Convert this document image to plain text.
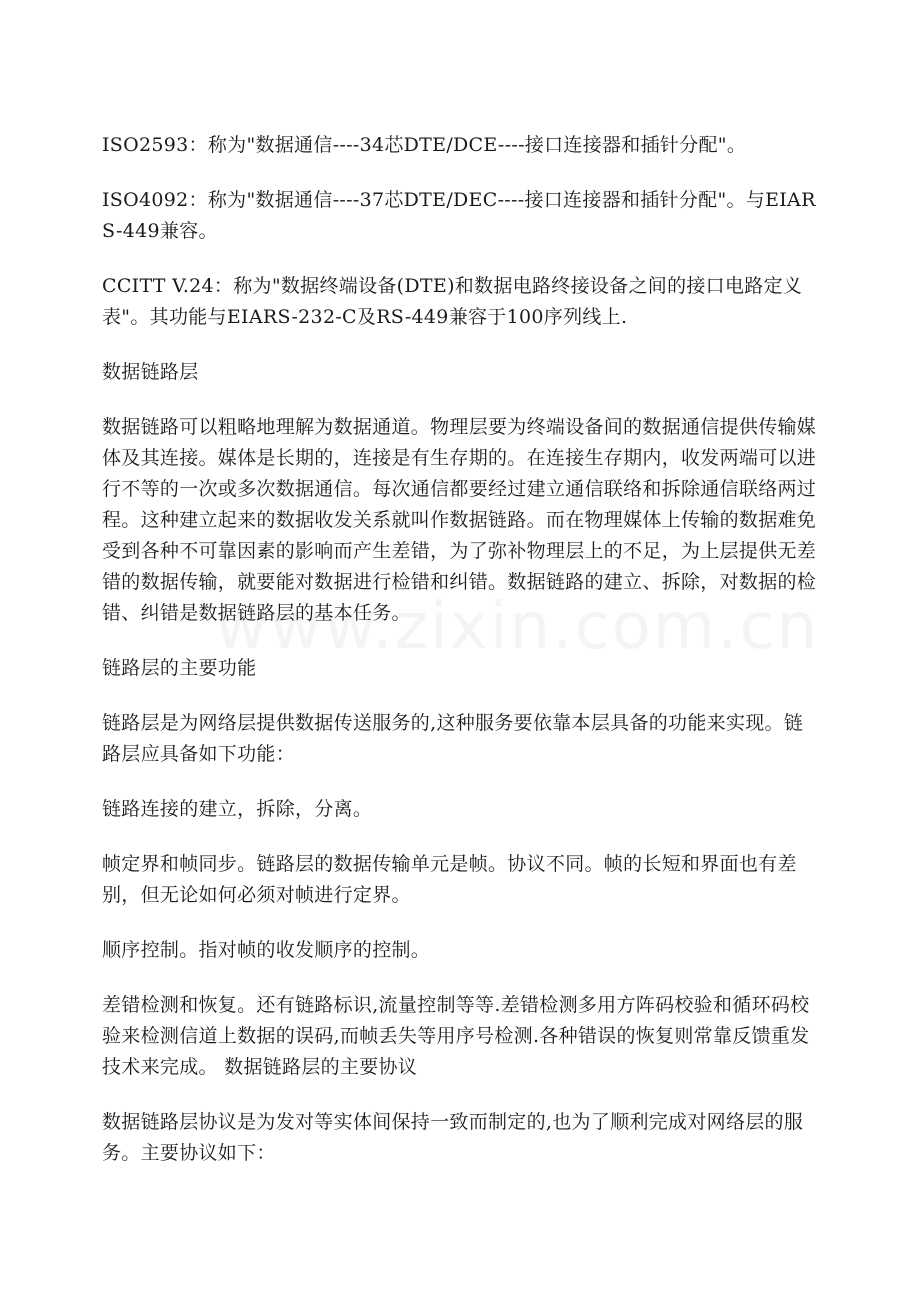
ISO2593：称为"数据通信----34芯DTE/DCE----接口连接器和插针分配"。

ISO4092：称为"数据通信----37芯DTE/DEC----接口连接器和插针分配"。与EIARS-449兼容。

CCITT V.24：称为"数据终端设备(DTE)和数据电路终接设备之间的接口电路定义表"。其功能与EIARS-232-C及RS-449兼容于100序列线上.

数据链路层

数据链路可以粗略地理解为数据通道。物理层要为终端设备间的数据通信提供传输媒体及其连接。媒体是长期的，连接是有生存期的。在连接生存期内，收发两端可以进行不等的一次或多次数据通信。每次通信都要经过建立通信联络和拆除通信联络两过程。这种建立起来的数据收发关系就叫作数据链路。而在物理媒体上传输的数据难免受到各种不可靠因素的影响而产生差错，为了弥补物理层上的不足，为上层提供无差错的数据传输，就要能对数据进行检错和纠错。数据链路的建立、拆除，对数据的检错、纠错是数据链路层的基本任务。

链路层的主要功能

链路层是为网络层提供数据传送服务的,这种服务要依靠本层具备的功能来实现。链路层应具备如下功能：

链路连接的建立，拆除，分离。

帧定界和帧同步。链路层的数据传输单元是帧。协议不同。帧的长短和界面也有差别，但无论如何必须对帧进行定界。

顺序控制。指对帧的收发顺序的控制。

差错检测和恢复。还有链路标识,流量控制等等.差错检测多用方阵码校验和循环码校验来检测信道上数据的误码,而帧丢失等用序号检测.各种错误的恢复则常靠反馈重发技术来完成。 数据链路层的主要协议

数据链路层协议是为发对等实体间保持一致而制定的,也为了顺利完成对网络层的服务。主要协议如下：
